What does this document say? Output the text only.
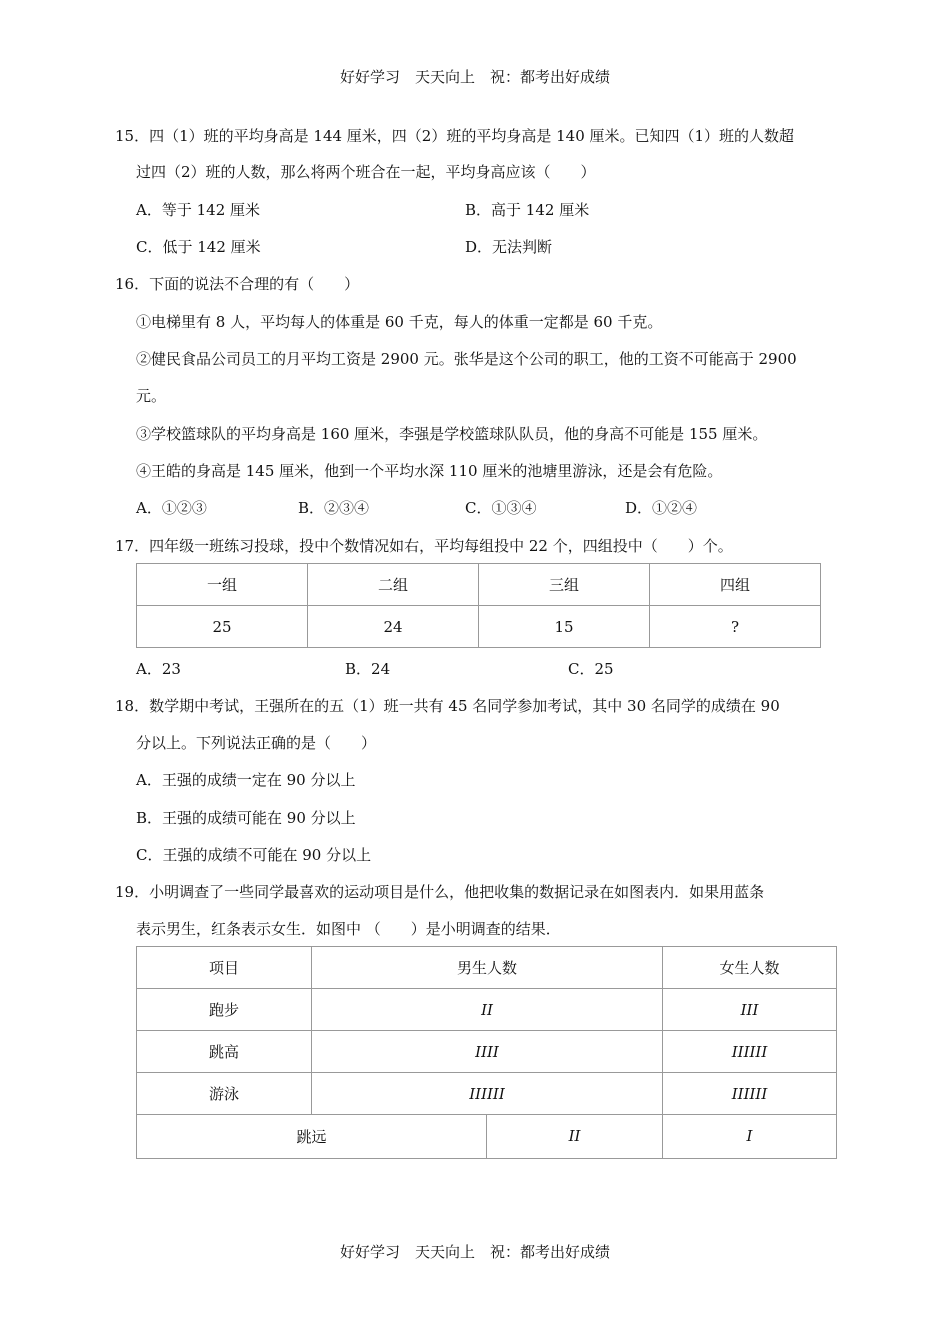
好好学习　天天向上　祝：都考出好成绩
15．四（1）班的平均身高是 144 厘米，四（2）班的平均身高是 140 厘米。已知四（1）班的人数超
过四（2）班的人数，那么将两个班合在一起，平均身高应该（　　）
A．等于 142 厘米	B．高于 142 厘米
C．低于 142 厘米	D．无法判断
16．下面的说法不合理的有（　　）
①电梯里有 8 人，平均每人的体重是 60 千克，每人的体重一定都是 60 千克。
②健民食品公司员工的月平均工资是 2900 元。张华是这个公司的职工，他的工资不可能高于 2900
元。
③学校篮球队的平均身高是 160 厘米，李强是学校篮球队队员，他的身高不可能是 155 厘米。
④王皓的身高是 145 厘米，他到一个平均水深 110 厘米的池塘里游泳，还是会有危险。
A．①②③	B．②③④	C．①③④	D．①②④
17．四年级一班练习投球，投中个数情况如右，平均每组投中 22 个，四组投中（　　）个。
一组	二组	三组	四组
25	24	15	?
A．23	B．24	C．25
18．数学期中考试，王强所在的五（1）班一共有 45 名同学参加考试，其中 30 名同学的成绩在 90
分以上。下列说法正确的是（　　）
A．王强的成绩一定在 90 分以上
B．王强的成绩可能在 90 分以上
C．王强的成绩不可能在 90 分以上
19．小明调查了一些同学最喜欢的运动项目是什么，他把收集的数据记录在如图表内．如果用蓝条
表示男生，红条表示女生．如图中 （　　）是小明调查的结果．
项目	男生人数	女生人数
跑步	II	III
跳高	IIII	IIIIII
游泳	IIIIII	IIIIII
跳远	II	I
好好学习　天天向上　祝：都考出好成绩
